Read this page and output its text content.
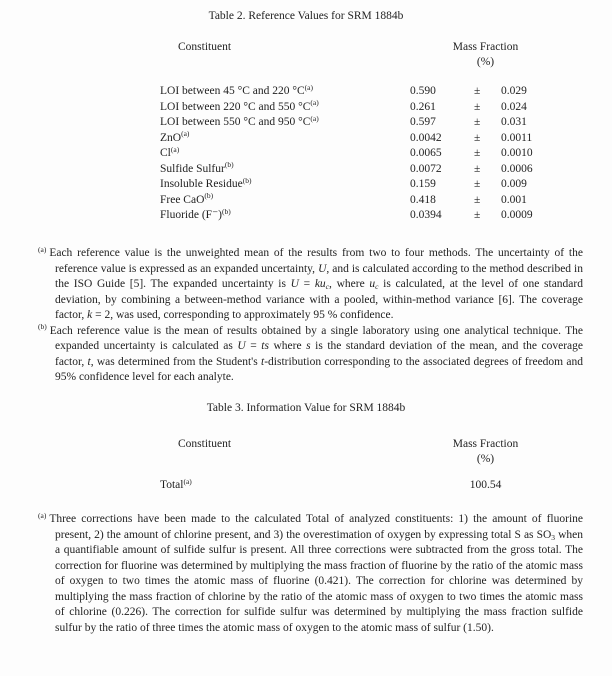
Table 2. Reference Values for SRM 1884b
Constituent	Mass Fraction
(%)
LOI between 45 °C and 220 $^\circ C^{(a)}$	0.590	± 0.029
LOI between 220 °C and 550 $^\circ C^{(a)}$	0.261	± 0.024
LOI between 550 °C and 950 $^\circ C^{(a)}$	0.597	± 0.031
ZnO$^{(a)}$	0.0042	± 0.0011
Cl$^{(a)}$	0.0065	± 0.0010
Sulfide Sulfur$^{(b)}$	0.0072	± 0.0006
Insoluble Residue$^{(b)}$	0.159	± 0.009
Free CaO$^{(b)}$	0.418	± 0.001
Fluoride $(F^-)^{(b)}$	0.0394	± 0.0009

$^{(a)}$ Each reference value is the unweighted mean of the results from two to four methods. The uncertainty of the reference value is expressed as an expanded uncertainty, U, and is calculated according to the method described in the ISO Guide [5]. The expanded uncertainty is $U = ku_c$, where $u_c$ is calculated, at the level of one standard deviation, by combining a between-method variance with a pooled, within-method variance [6]. The coverage factor, k = 2, was used, corresponding to approximately 95 % confidence.

$^{(b)}$ Each reference value is the mean of results obtained by a single laboratory using one analytical technique. The expanded uncertainty is calculated as U = ts where s is the standard deviation of the mean, and the coverage factor, t, was determined from the Student's t-distribution corresponding to the associated degrees of freedom and 95% confidence level for each analyte.

Table 3. Information Value for SRM 1884b
Constituent	Mass Fraction
(%)
Total$^{(a)}$	100.54

$^{(a)}$ Three corrections have been made to the calculated Total of analyzed constituents: 1) the amount of fluorine present, 2) the amount of chlorine present, and 3) the overestimation of oxygen by expressing total S as $SO_3$ when a quantifiable amount of sulfide sulfur is present. All three corrections were subtracted from the gross total. The correction for fluorine was determined by multiplying the mass fraction of fluorine by the ratio of the atomic mass of oxygen to two times the atomic mass of fluorine (0.421). The correction for chlorine was determined by multiplying the mass fraction of chlorine by the ratio of the atomic mass of oxygen to two times the atomic mass of chlorine (0.226). The correction for sulfide sulfur was determined by multiplying the mass fraction sulfide sulfur by the ratio of three times the atomic mass of oxygen to the atomic mass of sulfur (1.50).
